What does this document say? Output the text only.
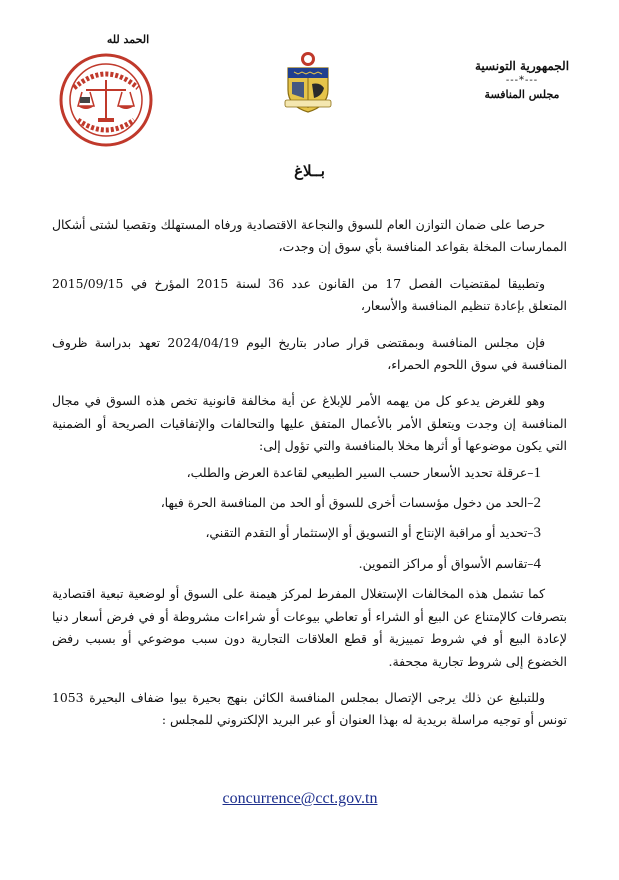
الجمهورية التونسية
---*---
مجلس المنافسة
الحمد لله
بــلاغ

حرصا على ضمان التوازن العام للسوق والنجاعة الاقتصادية ورفاه المستهلك وتقصيا لشتى أشكال الممارسات المخلة بقواعد المنافسة بأي سوق إن وجدت،

وتطبيقا لمقتضيات الفصل 17 من القانون عدد 36 لسنة 2015 المؤرخ في 2015/09/15 المتعلق بإعادة تنظيم المنافسة والأسعار،

فإن مجلس المنافسة وبمقتضى قرار صادر بتاريخ اليوم 2024/04/19 تعهد بدراسة ظروف المنافسة في سوق اللحوم الحمراء،

وهو للغرض يدعو كل من يهمه الأمر للإبلاغ عن أية مخالفة قانونية تخص هذه السوق في مجال المنافسة إن وجدت ويتعلق الأمر بالأعمال المتفق عليها والتحالفات والإتفاقيات الصريحة أو الضمنية التي يكون موضوعها أو أثرها مخلا بالمنافسة والتي تؤول إلى:

1–عرقلة تحديد الأسعار حسب السير الطبيعي لقاعدة العرض والطلب،
2–الحد من دخول مؤسسات أخرى للسوق أو الحد من المنافسة الحرة فيها،
3–تحديد أو مراقبة الإنتاج أو التسويق أو الإستثمار أو التقدم التقني،
4–تقاسم الأسواق أو مراكز التموين.

كما تشمل هذه المخالفات الإستغلال المفرط لمركز هيمنة على السوق أو لوضعية تبعية اقتصادية بتصرفات كالإمتناع عن البيع أو الشراء أو تعاطي بيوعات أو شراءات مشروطة أو في فرض أسعار دنيا لإعادة البيع أو في شروط تمييزية أو قطع العلاقات التجارية دون سبب موضوعي أو بسبب رفض الخضوع إلى شروط تجارية مجحفة.

وللتبليغ عن ذلك يرجى الإتصال بمجلس المنافسة الكائن بنهج بحيرة بيوا ضفاف البحيرة 1053 تونس أو توجيه مراسلة بريدية له بهذا العنوان أو عبر البريد الإلكتروني للمجلس :

concurrence@cct.gov.tn
